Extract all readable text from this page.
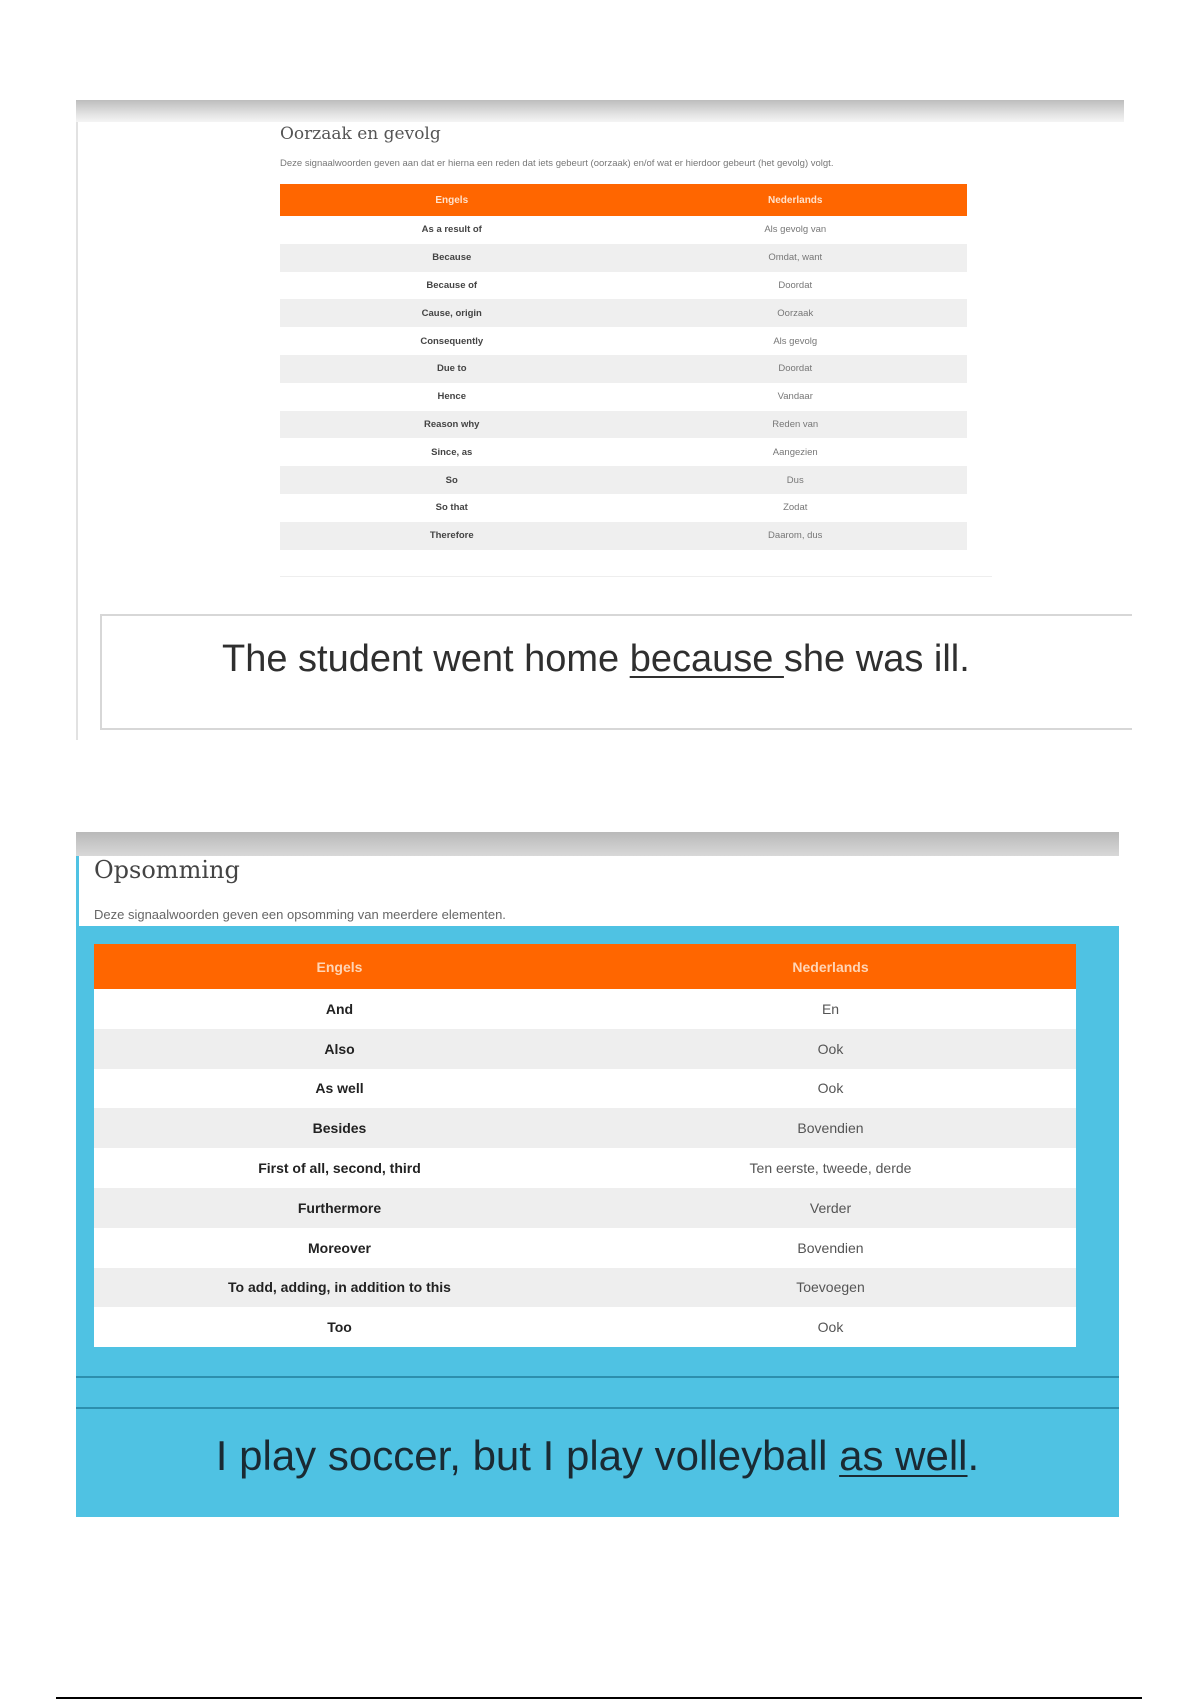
Oorzaak en gevolg
Deze signaalwoorden geven aan dat er hierna een reden dat iets gebeurt (oorzaak) en/of wat er hierdoor gebeurt (het gevolg) volgt.
Engels	Nederlands
As a result of	Als gevolg van
Because	Omdat, want
Because of	Doordat
Cause, origin	Oorzaak
Consequently	Als gevolg
Due to	Doordat
Hence	Vandaar
Reason why	Reden van
Since, as	Aangezien
So	Dus
So that	Zodat
Therefore	Daarom, dus
The student went home because she was ill.
Opsomming
Deze signaalwoorden geven een opsomming van meerdere elementen.
Engels	Nederlands
And	En
Also	Ook
As well	Ook
Besides	Bovendien
First of all, second, third	Ten eerste, tweede, derde
Furthermore	Verder
Moreover	Bovendien
To add, adding, in addition to this	Toevoegen
Too	Ook
I play soccer, but I play volleyball as well.
